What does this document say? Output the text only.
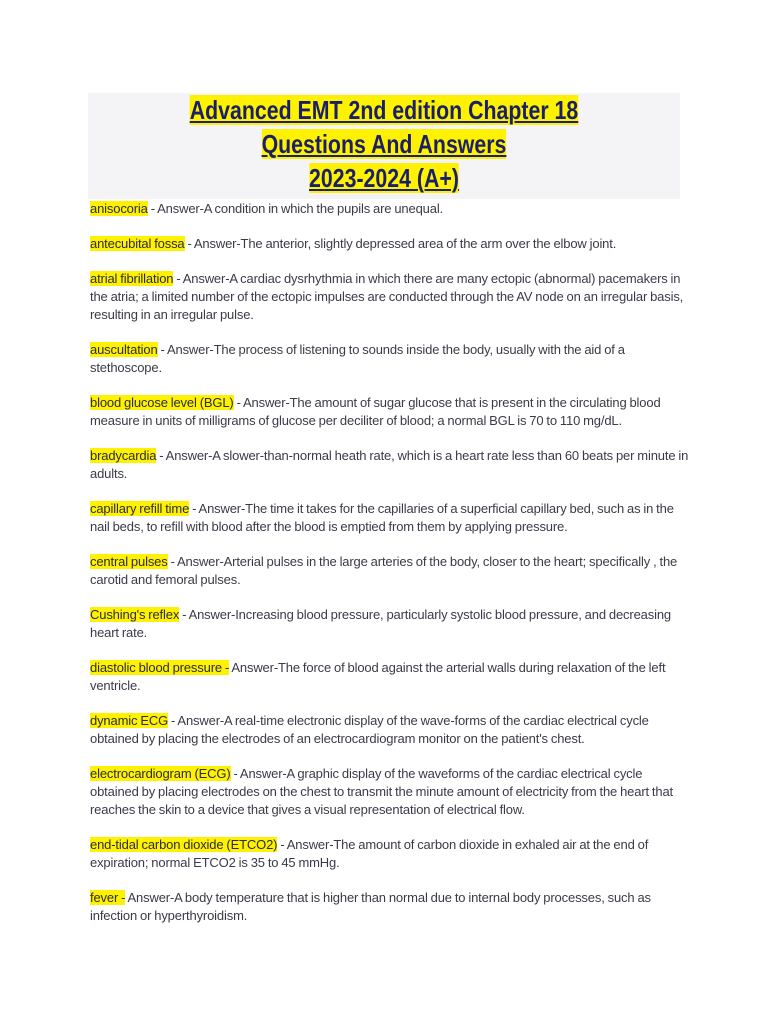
Advanced EMT 2nd edition Chapter 18
Questions And Answers
2023-2024 (A+)

anisocoria - Answer-A condition in which the pupils are unequal.

antecubital fossa - Answer-The anterior, slightly depressed area of the arm over the elbow joint.

atrial fibrillation - Answer-A cardiac dysrhythmia in which there are many ectopic (abnormal) pacemakers in the atria; a limited number of the ectopic impulses are conducted through the AV node on an irregular basis, resulting in an irregular pulse.

auscultation - Answer-The process of listening to sounds inside the body, usually with the aid of a stethoscope.

blood glucose level (BGL) - Answer-The amount of sugar glucose that is present in the circulating blood measure in units of milligrams of glucose per deciliter of blood; a normal BGL is 70 to 110 mg/dL.

bradycardia - Answer-A slower-than-normal heath rate, which is a heart rate less than 60 beats per minute in adults.

capillary refill time - Answer-The time it takes for the capillaries of a superficial capillary bed, such as in the nail beds, to refill with blood after the blood is emptied from them by applying pressure.

central pulses - Answer-Arterial pulses in the large arteries of the body, closer to the heart; specifically , the carotid and femoral pulses.

Cushing's reflex - Answer-Increasing blood pressure, particularly systolic blood pressure, and decreasing heart rate.

diastolic blood pressure - Answer-The force of blood against the arterial walls during relaxation of the left ventricle.

dynamic ECG - Answer-A real-time electronic display of the wave-forms of the cardiac electrical cycle obtained by placing the electrodes of an electrocardiogram monitor on the patient's chest.

electrocardiogram (ECG) - Answer-A graphic display of the waveforms of the cardiac electrical cycle obtained by placing electrodes on the chest to transmit the minute amount of electricity from the heart that reaches the skin to a device that gives a visual representation of electrical flow.

end-tidal carbon dioxide (ETCO2) - Answer-The amount of carbon dioxide in exhaled air at the end of expiration; normal ETCO2 is 35 to 45 mmHg.

fever - Answer-A body temperature that is higher than normal due to internal body processes, such as infection or hyperthyroidism.
